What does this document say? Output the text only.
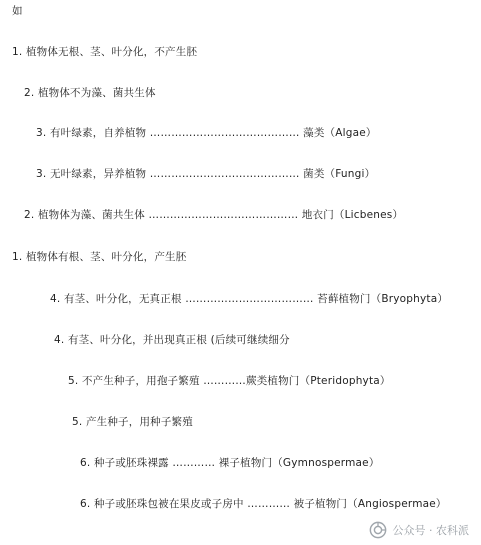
如
1. 植物体无根、茎、叶分化，不产生胚
2. 植物体不为藻、菌共生体
3. 有叶绿素，自养植物 …………………………………… 藻类（Algae）
3. 无叶绿素，异养植物 …………………………………… 菌类（Fungi）
2. 植物体为藻、菌共生体 …………………………………… 地衣门（Licbenes）
1. 植物体有根、茎、叶分化，产生胚
4. 有茎、叶分化，无真正根 ……………………………… 苔藓植物门（Bryophyta）
4. 有茎、叶分化，并出现真正根 (后续可继续细分
5. 不产生种子，用孢子繁殖 …………蕨类植物门（Pteridophyta）
5. 产生种子，用种子繁殖
6. 种子或胚珠裸露 ………… 裸子植物门（Gymnospermae）
6. 种子或胚珠包被在果皮或子房中 ………… 被子植物门（Angiospermae）
公众号 · 农科派
